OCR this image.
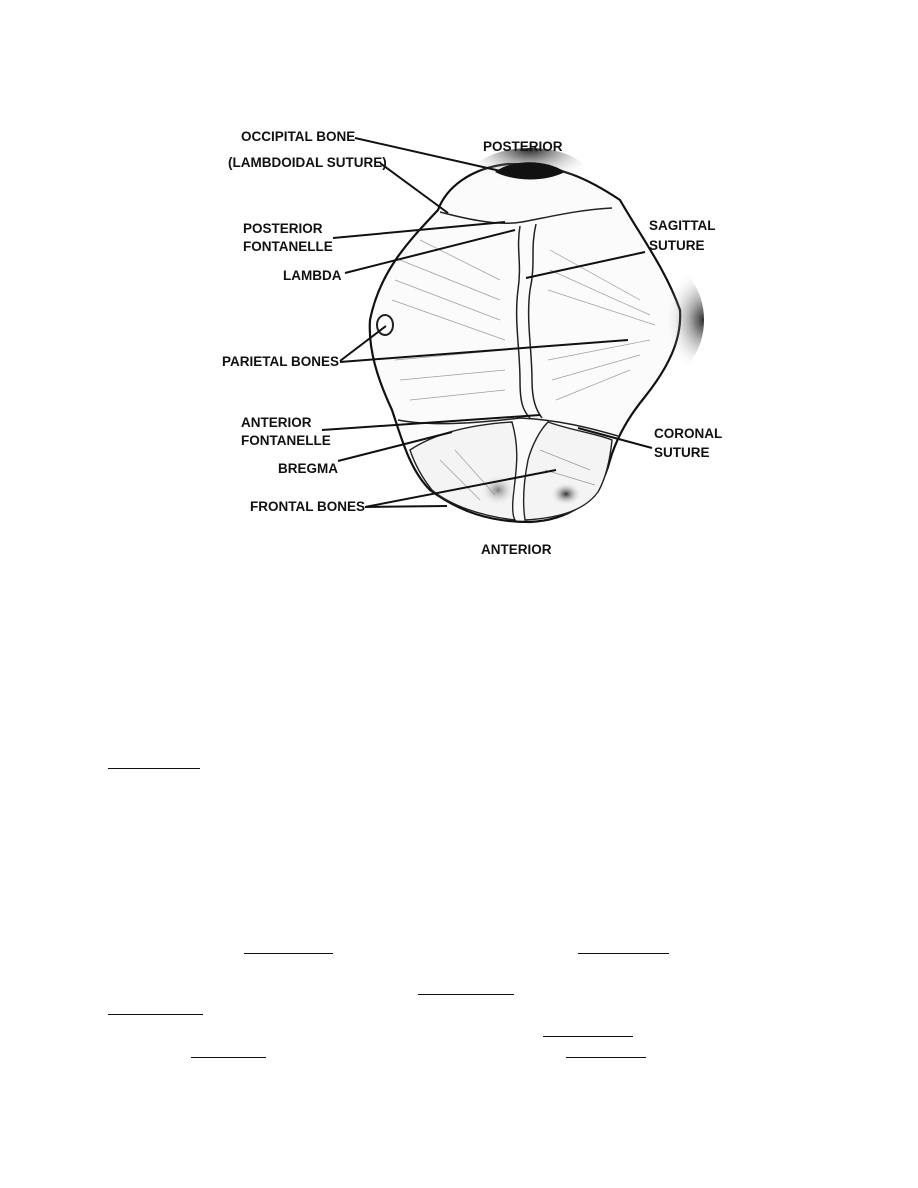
POSTERIOR
ANTERIOR
OCCIPITAL BONE
(LAMBDOIDAL SUTURE)
POSTERIOR
FONTANELLE
LAMBDA
SAGITTAL
SUTURE
PARIETAL BONES
ANTERIOR
FONTANELLE	CORONAL
SUTURE
BREGMA
FRONTAL BONES
